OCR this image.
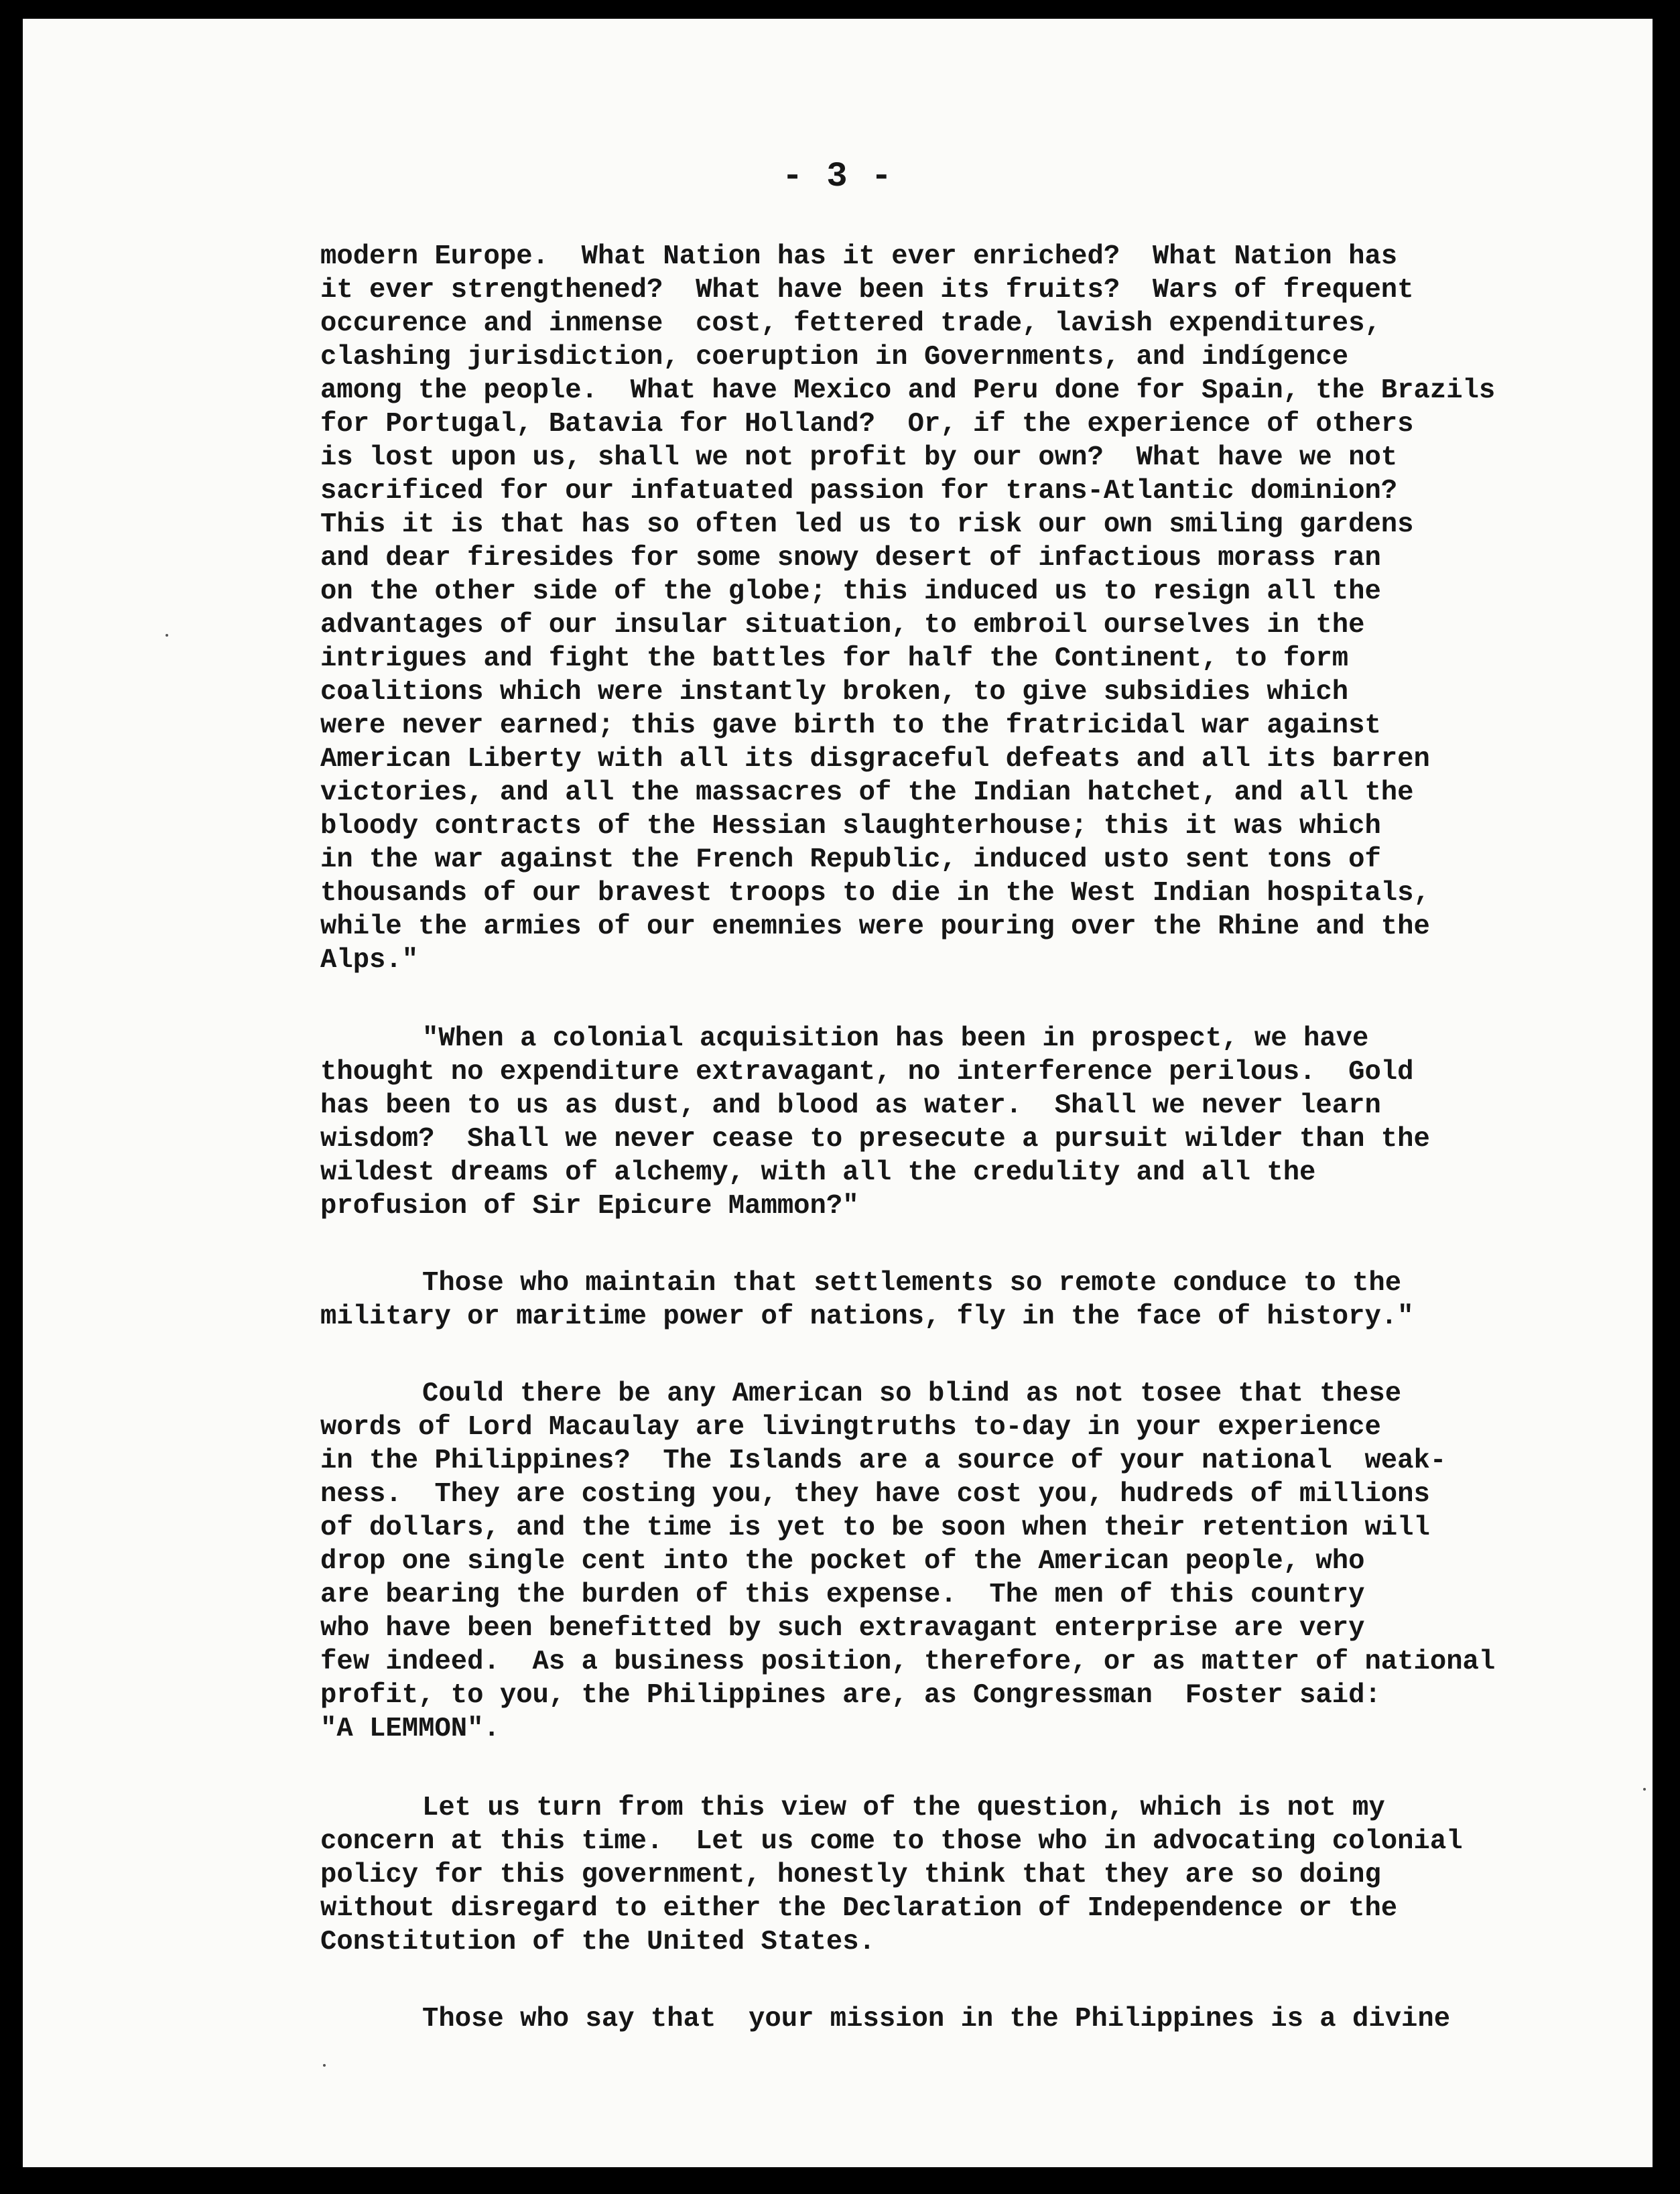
- 3 -
modern Europe.  What Nation has it ever enriched?  What Nation has
it ever strengthened?  What have been its fruits?  Wars of frequent
occurence and inmense  cost, fettered trade, lavish expenditures,
clashing jurisdiction, coeruption in Governments, and indígence
among the people.  What have Mexico and Peru done for Spain, the Brazils
for Portugal, Batavia for Holland?  Or, if the experience of others
is lost upon us, shall we not profit by our own?  What have we not
sacrificed for our infatuated passion for trans-Atlantic dominion?
This it is that has so often led us to risk our own smiling gardens
and dear firesides for some snowy desert of infactious morass ran
on the other side of the globe; this induced us to resign all the
advantages of our insular situation, to embroil ourselves in the
intrigues and fight the battles for half the Continent, to form
coalitions which were instantly broken, to give subsidies which
were never earned; this gave birth to the fratricidal war against
American Liberty with all its disgraceful defeats and all its barren
victories, and all the massacres of the Indian hatchet, and all the
bloody contracts of the Hessian slaughterhouse; this it was which
in the war against the French Republic, induced usto sent tons of
thousands of our bravest troops to die in the West Indian hospitals,
while the armies of our enemnies were pouring over the Rhine and the
Alps."
"When a colonial acquisition has been in prospect, we have
thought no expenditure extravagant, no interference perilous.  Gold
has been to us as dust, and blood as water.  Shall we never learn
wisdom?  Shall we never cease to presecute a pursuit wilder than the
wildest dreams of alchemy, with all the credulity and all the
profusion of Sir Epicure Mammon?"
Those who maintain that settlements so remote conduce to the
military or maritime power of nations, fly in the face of history."
Could there be any American so blind as not tosee that these
words of Lord Macaulay are livingtruths to-day in your experience
in the Philippines?  The Islands are a source of your national  weak-
ness.  They are costing you, they have cost you, hudreds of millions
of dollars, and the time is yet to be soon when their retention will
drop one single cent into the pocket of the American people, who
are bearing the burden of this expense.  The men of this country
who have been benefitted by such extravagant enterprise are very
few indeed.  As a business position, therefore, or as matter of national
profit, to you, the Philippines are, as Congressman  Foster said:
"A LEMMON".
Let us turn from this view of the question, which is not my
concern at this time.  Let us come to those who in advocating colonial
policy for this government, honestly think that they are so doing
without disregard to either the Declaration of Independence or the
Constitution of the United States.
Those who say that  your mission in the Philippines is a divine
